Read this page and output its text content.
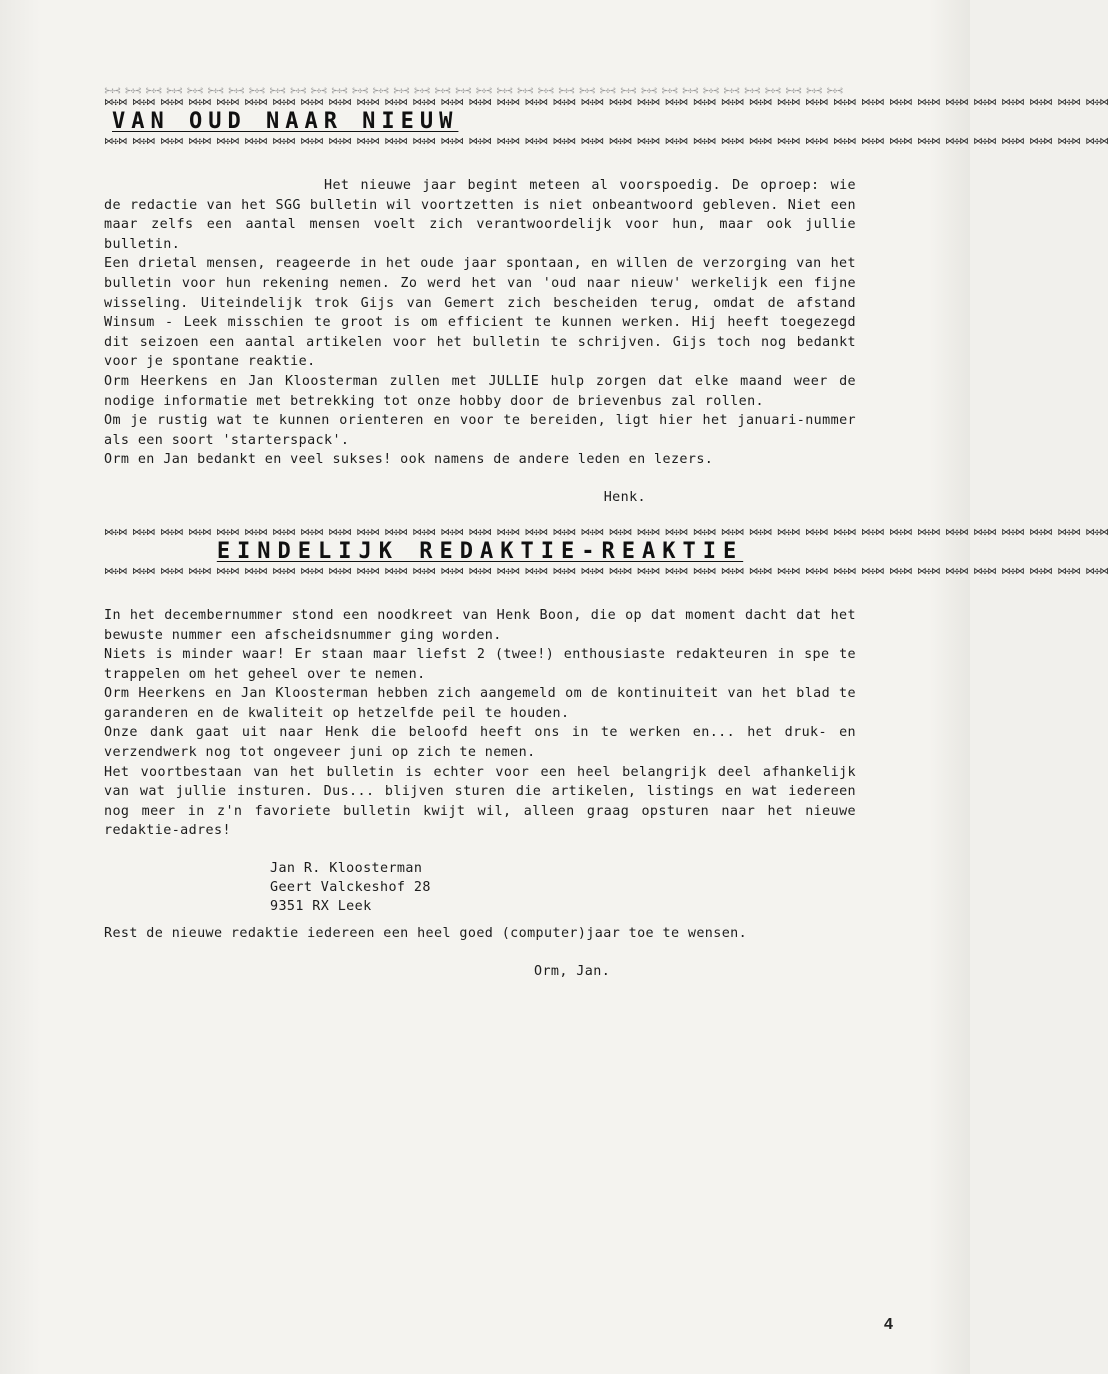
⊱✣⊰ ⊱✣⊰ ⊱✣⊰ ⊱✣⊰ ⊱✣⊰ ⊱✣⊰ ⊱✣⊰ ⊱✣⊰ ⊱✣⊰ ⊱✣⊰ ⊱✣⊰ ⊱✣⊰ ⊱✣⊰ ⊱✣⊰ ⊱✣⊰ ⊱✣⊰ ⊱✣⊰ ⊱✣⊰ ⊱✣⊰ ⊱✣⊰ ⊱✣⊰ ⊱✣⊰ ⊱✣⊰ ⊱✣⊰ ⊱✣⊰ ⊱✣⊰ ⊱✣⊰ ⊱✣⊰ ⊱✣⊰ ⊱✣⊰ ⊱✣⊰ ⊱✣⊰ ⊱✣⊰ ⊱✣⊰ ⊱✣⊰ ⊱✣⊰
⋈✣⋈ ⋈✣⋈ ⋈✣⋈ ⋈✣⋈ ⋈✣⋈ ⋈✣⋈ ⋈✣⋈ ⋈✣⋈ ⋈✣⋈ ⋈✣⋈ ⋈✣⋈ ⋈✣⋈ ⋈✣⋈ ⋈✣⋈ ⋈✣⋈ ⋈✣⋈ ⋈✣⋈ ⋈✣⋈ ⋈✣⋈ ⋈✣⋈ ⋈✣⋈ ⋈✣⋈ ⋈✣⋈ ⋈✣⋈ ⋈✣⋈ ⋈✣⋈ ⋈✣⋈ ⋈✣⋈ ⋈✣⋈ ⋈✣⋈ ⋈✣⋈ ⋈✣⋈ ⋈✣⋈ ⋈✣⋈ ⋈✣⋈ ⋈✣⋈
VAN OUD NAAR NIEUW
⋈✣⋈ ⋈✣⋈ ⋈✣⋈ ⋈✣⋈ ⋈✣⋈ ⋈✣⋈ ⋈✣⋈ ⋈✣⋈ ⋈✣⋈ ⋈✣⋈ ⋈✣⋈ ⋈✣⋈ ⋈✣⋈ ⋈✣⋈ ⋈✣⋈ ⋈✣⋈ ⋈✣⋈ ⋈✣⋈ ⋈✣⋈ ⋈✣⋈ ⋈✣⋈ ⋈✣⋈ ⋈✣⋈ ⋈✣⋈ ⋈✣⋈ ⋈✣⋈ ⋈✣⋈ ⋈✣⋈ ⋈✣⋈ ⋈✣⋈ ⋈✣⋈ ⋈✣⋈ ⋈✣⋈ ⋈✣⋈ ⋈✣⋈ ⋈✣⋈

Het nieuwe jaar begint meteen al voorspoedig. De oproep: wie de redactie van het SGG bulletin wil voortzetten is niet onbeantwoord gebleven. Niet een maar zelfs een aantal mensen voelt zich verantwoordelijk voor hun, maar ook jullie bulletin.

Een drietal mensen, reageerde in het oude jaar spontaan, en willen de verzorging van het bulletin voor hun rekening nemen. Zo werd het van 'oud naar nieuw' werkelijk een fijne wisseling. Uiteindelijk trok Gijs van Gemert zich bescheiden terug, omdat de afstand Winsum - Leek misschien te groot is om efficient te kunnen werken. Hij heeft toegezegd dit seizoen een aantal artikelen voor het bulletin te schrijven. Gijs toch nog bedankt voor je spontane reaktie.

Orm Heerkens en Jan Kloosterman zullen met JULLIE hulp zorgen dat elke maand weer de nodige informatie met betrekking tot onze hobby door de brievenbus zal rollen.

Om je rustig wat te kunnen orienteren en voor te bereiden, ligt hier het januari-nummer als een soort 'starterspack'.

Orm en Jan bedankt en veel sukses! ook namens de andere leden en lezers.

Henk.
⋈✣⋈ ⋈✣⋈ ⋈✣⋈ ⋈✣⋈ ⋈✣⋈ ⋈✣⋈ ⋈✣⋈ ⋈✣⋈ ⋈✣⋈ ⋈✣⋈ ⋈✣⋈ ⋈✣⋈ ⋈✣⋈ ⋈✣⋈ ⋈✣⋈ ⋈✣⋈ ⋈✣⋈ ⋈✣⋈ ⋈✣⋈ ⋈✣⋈ ⋈✣⋈ ⋈✣⋈ ⋈✣⋈ ⋈✣⋈ ⋈✣⋈ ⋈✣⋈ ⋈✣⋈ ⋈✣⋈ ⋈✣⋈ ⋈✣⋈ ⋈✣⋈ ⋈✣⋈ ⋈✣⋈ ⋈✣⋈ ⋈✣⋈ ⋈✣⋈
EINDELIJK REDAKTIE-REAKTIE
⋈✣⋈ ⋈✣⋈ ⋈✣⋈ ⋈✣⋈ ⋈✣⋈ ⋈✣⋈ ⋈✣⋈ ⋈✣⋈ ⋈✣⋈ ⋈✣⋈ ⋈✣⋈ ⋈✣⋈ ⋈✣⋈ ⋈✣⋈ ⋈✣⋈ ⋈✣⋈ ⋈✣⋈ ⋈✣⋈ ⋈✣⋈ ⋈✣⋈ ⋈✣⋈ ⋈✣⋈ ⋈✣⋈ ⋈✣⋈ ⋈✣⋈ ⋈✣⋈ ⋈✣⋈ ⋈✣⋈ ⋈✣⋈ ⋈✣⋈ ⋈✣⋈ ⋈✣⋈ ⋈✣⋈ ⋈✣⋈ ⋈✣⋈ ⋈✣⋈

In het decembernummer stond een noodkreet van Henk Boon, die op dat moment dacht dat het bewuste nummer een afscheidsnummer ging worden.

Niets is minder waar! Er staan maar liefst 2 (twee!) enthousiaste redakteuren in spe te trappelen om het geheel over te nemen.

Orm Heerkens en Jan Kloosterman hebben zich aangemeld om de kontinuiteit van het blad te garanderen en de kwaliteit op hetzelfde peil te houden.

Onze dank gaat uit naar Henk die beloofd heeft ons in te werken en... het druk- en verzendwerk nog tot ongeveer juni op zich te nemen.

Het voortbestaan van het bulletin is echter voor een heel belangrijk deel afhankelijk van wat jullie insturen. Dus... blijven sturen die artikelen, listings en wat iedereen nog meer in z'n favoriete bulletin kwijt wil, alleen graag opsturen naar het nieuwe redaktie-adres!

Jan R. Kloosterman
Geert Valckeshof 28
9351 RX Leek

Rest de nieuwe redaktie iedereen een heel goed (computer)jaar toe te wensen.

Orm, Jan.
4
